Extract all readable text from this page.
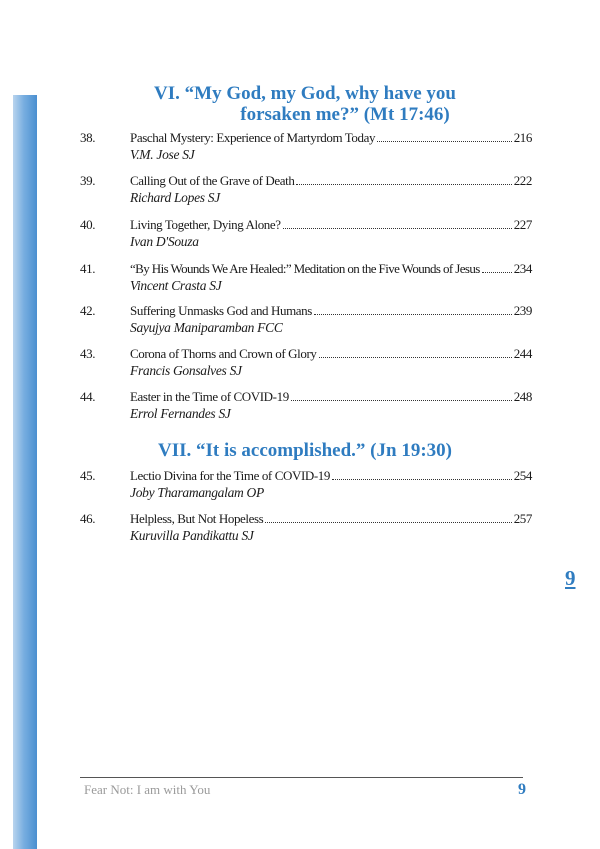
VI. “My God, my God, why have you
forsaken me?” (Mt 17:46)
38.	Paschal Mystery: Experience of Martyrdom Today	216
V.M. Jose SJ
39.	Calling Out of the Grave of Death	222
Richard Lopes SJ
40.	Living Together, Dying Alone?	227
Ivan D'Souza
41.	“By His Wounds We Are Healed:” Meditation on the Five Wounds of Jesus	234
Vincent Crasta SJ
42.	Suffering Unmasks God and Humans	239
Sayujya Maniparamban FCC
43.	Corona of Thorns and Crown of Glory	244
Francis Gonsalves SJ
44.	Easter in the Time of COVID-19	248
Errol Fernandes SJ
VII. “It is accomplished.” (Jn 19:30)
45.	Lectio Divina for the Time of COVID-19	254
Joby Tharamangalam OP
46.	Helpless, But Not Hopeless	257
Kuruvilla Pandikattu SJ
9
Fear Not: I am with You	9
